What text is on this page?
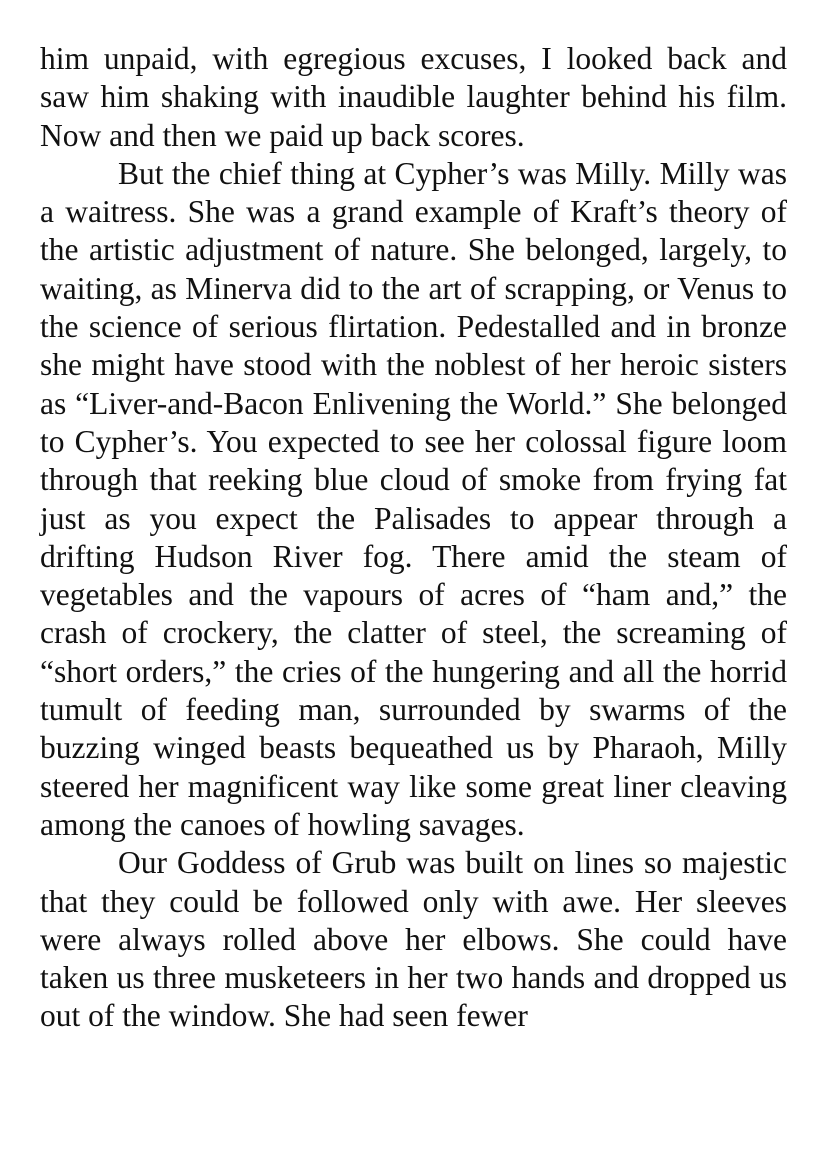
him unpaid, with egregious excuses, I looked back and saw him shaking with inaudible laughter behind his film. Now and then we paid up back scores.

But the chief thing at Cypher’s was Milly. Milly was a waitress. She was a grand example of Kraft’s theory of the artistic adjustment of nature. She belonged, largely, to waiting, as Minerva did to the art of scrapping, or Venus to the science of serious flirtation. Pedestalled and in bronze she might have stood with the noblest of her heroic sisters as “Liver-and-Bacon Enlivening the World.” She belonged to Cypher’s. You expected to see her colossal figure loom through that reeking blue cloud of smoke from frying fat just as you expect the Palisades to appear through a drifting Hudson River fog. There amid the steam of vegetables and the vapours of acres of “ham and,” the crash of crockery, the clatter of steel, the screaming of “short orders,” the cries of the hungering and all the horrid tumult of feeding man, surrounded by swarms of the buzzing winged beasts bequeathed us by Pharaoh, Milly steered her magnificent way like some great liner cleaving among the canoes of howling savages.

Our Goddess of Grub was built on lines so majestic that they could be followed only with awe. Her sleeves were always rolled above her elbows. She could have taken us three musketeers in her two hands and dropped us out of the window. She had seen fewer
